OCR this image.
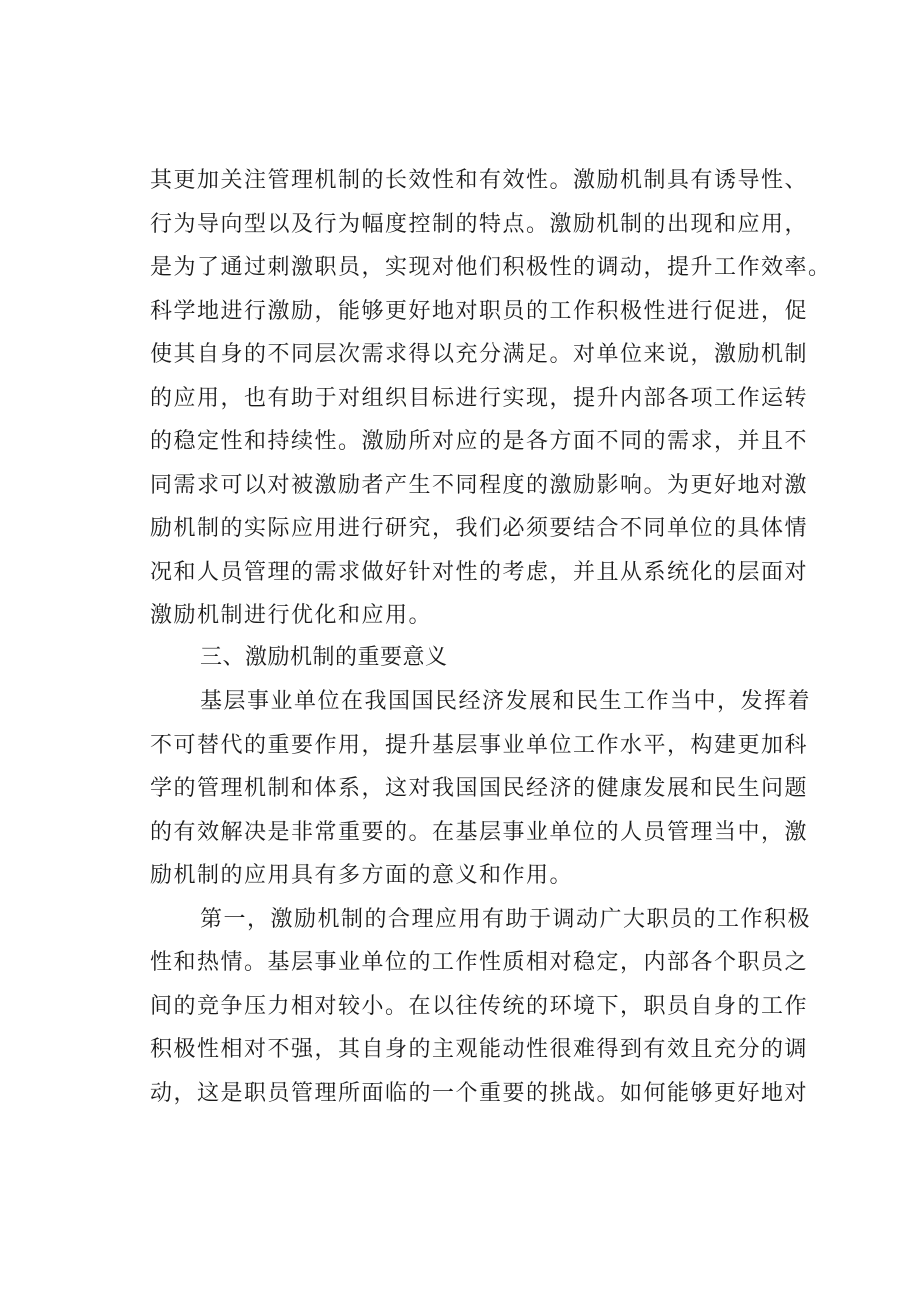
其更加关注管理机制的长效性和有效性。激励机制具有诱导性、
行为导向型以及行为幅度控制的特点。激励机制的出现和应用，
是为了通过刺激职员，实现对他们积极性的调动，提升工作效率。
科学地进行激励，能够更好地对职员的工作积极性进行促进，促
使其自身的不同层次需求得以充分满足。对单位来说，激励机制
的应用，也有助于对组织目标进行实现，提升内部各项工作运转
的稳定性和持续性。激励所对应的是各方面不同的需求，并且不
同需求可以对被激励者产生不同程度的激励影响。为更好地对激
励机制的实际应用进行研究，我们必须要结合不同单位的具体情
况和人员管理的需求做好针对性的考虑，并且从系统化的层面对
激励机制进行优化和应用。
三、激励机制的重要意义
基层事业单位在我国国民经济发展和民生工作当中，发挥着
不可替代的重要作用，提升基层事业单位工作水平，构建更加科
学的管理机制和体系，这对我国国民经济的健康发展和民生问题
的有效解决是非常重要的。在基层事业单位的人员管理当中，激
励机制的应用具有多方面的意义和作用。
第一，激励机制的合理应用有助于调动广大职员的工作积极
性和热情。基层事业单位的工作性质相对稳定，内部各个职员之
间的竞争压力相对较小。在以往传统的环境下，职员自身的工作
积极性相对不强，其自身的主观能动性很难得到有效且充分的调
动，这是职员管理所面临的一个重要的挑战。如何能够更好地对
